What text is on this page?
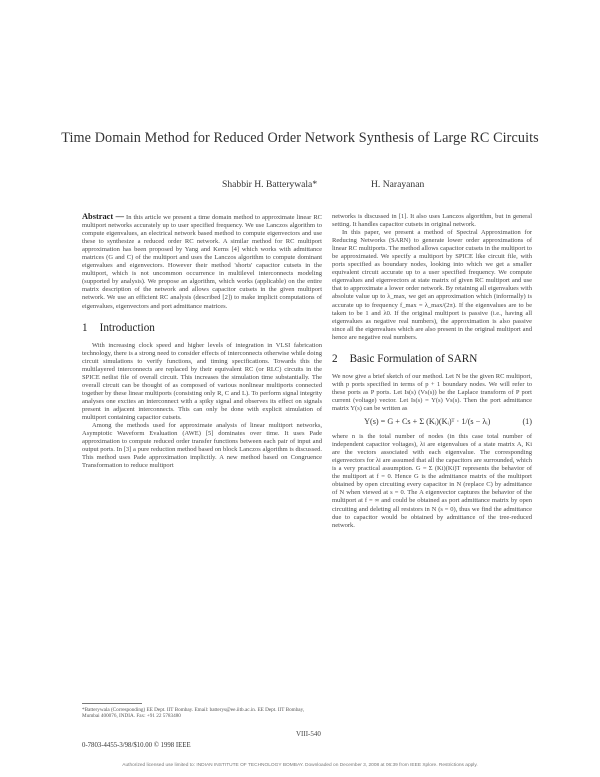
Time Domain Method for Reduced Order Network Synthesis of Large RC Circuits
Shabbir H. Batterywala*	H. Narayanan

Abstract — In this article we present a time domain method to approximate linear RC multiport networks accurately up to user specified frequency. We use Lanczos algorithm to compute eigenvalues, an electrical network based method to compute eigenvectors and use these to synthesize a reduced order RC network. A similar method for RC multiport approximation has been proposed by Yang and Kerns [4] which works with admittance matrices (G and C) of the multiport and uses the Lanczos algorithm to compute dominant eigenvalues and eigenvectors. However their method 'shorts' capacitor cutsets in the multiport, which is not uncommon occurrence in multilevel interconnects modeling (supported by analysis). We propose an algorithm, which works (applicable) on the entire matrix description of the network and allows capacitor cutsets in the given multiport network. We use an efficient RC analysis (described [2]) to make implicit computations of eigenvalues, eigenvectors and port admittance matrices.

1 Introduction

With increasing clock speed and higher levels of integration in VLSI fabrication technology, there is a strong need to consider effects of interconnects otherwise while doing circuit simulations to verify functions, and timing specifications. Towards this the multilayered interconnects are replaced by their equivalent RC (or RLC) circuits in the SPICE netlist file of overall circuit. This increases the simulation time substantially. The overall circuit can be thought of as composed of various nonlinear multiports connected together by these linear multiports (consisting only R, C and L). To perform signal integrity analyses one excites an interconnect with a spiky signal and observes its effect on signals present in adjacent interconnects. This can only be done with explicit simulation of multiport containing capacitor cutsets.

Among the methods used for approximate analysis of linear multiport networks, Asymptotic Waveform Evaluation (AWE) [5] dominates over time. It uses Pade approximation to compute reduced order transfer functions between each pair of input and output ports. In [3] a pure reduction method based on block Lanczos algorithm is discussed. This method uses Pade approximation implicitly. A new method based on Congruence Transformation to reduce multiport

networks is discussed in [1]. It also uses Lanczos algorithm, but in general setting. It handles capacitor cutsets in original network.

In this paper, we present a method of Spectral Approximation for Reducing Networks (SARN) to generate lower order approximations of linear RC multiports. The method allows capacitor cutsets in the multiport to be approximated. We specify a multiport by SPICE like circuit file, with ports specified as boundary nodes, looking into which we get a smaller equivalent circuit accurate up to a user specified frequency. We compute eigenvalues and eigenvectors at state matrix of given RC multiport and use that to approximate a lower order network. By retaining all eigenvalues with absolute value up to λ_max, we get an approximation which (informally) is accurate up to frequency f_max = λ_max/(2π). If the eigenvalues are to be taken to be 1 and λ0. If the original multiport is passive (i.e., having all eigenvalues as negative real numbers), the approximation is also passive since all the eigenvalues which are also present in the original multiport and hence are negative real numbers.

2 Basic Formulation of SARN

We now give a brief sketch of our method. Let N be the given RC multiport, with p ports specified in terms of p + 1 boundary nodes. We will refer to these ports as P ports. Let Is(s) (Vs(s)) be the Laplace transform of P port current (voltage) vector. Let Is(s) = Y(s) Vs(s). Then the port admittance matrix Y(s) can be written as

Y(s) = G + Cs + Σ (Kᵢ)(Kᵢ)ᵀ · 1/(s − λᵢ)	(1)

where n is the total number of nodes (in this case total number of independent capacitor voltages), λi are eigenvalues of a state matrix A, Ki are the vectors associated with each eigenvalue. The corresponding eigenvectors for λi are assumed that all the capacitors are surrounded, which is a very practical assumption. G = Σ (Ki)(Ki)T represents the behavior of the multiport at f = 0. Hence G is the admittance matrix of the multiport obtained by open circuiting every capacitor in N (replace C) by admittance of N when viewed at s = 0. The A eigenvector captures the behavior of the multiport at f = ∞ and could be obtained as port admittance matrix by open circuiting and deleting all resistors in N (s = 0), thus we find the admittance due to capacitor would be obtained by admittance of the tree-reduced network.

*Batterywala (Corresponding) EE Dept. IIT Bombay. Email: batterys@ee.iitb.ac.in. EE Dept. IIT Bombay, Mumbai 400076, INDIA. Fax: +91 22 5783480
VIII-540
0-7803-4455-3/98/$10.00 © 1998 IEEE
Authorized licensed use limited to: INDIAN INSTITUTE OF TECHNOLOGY BOMBAY. Downloaded on December 3, 2008 at 06:39 from IEEE Xplore. Restrictions apply.
